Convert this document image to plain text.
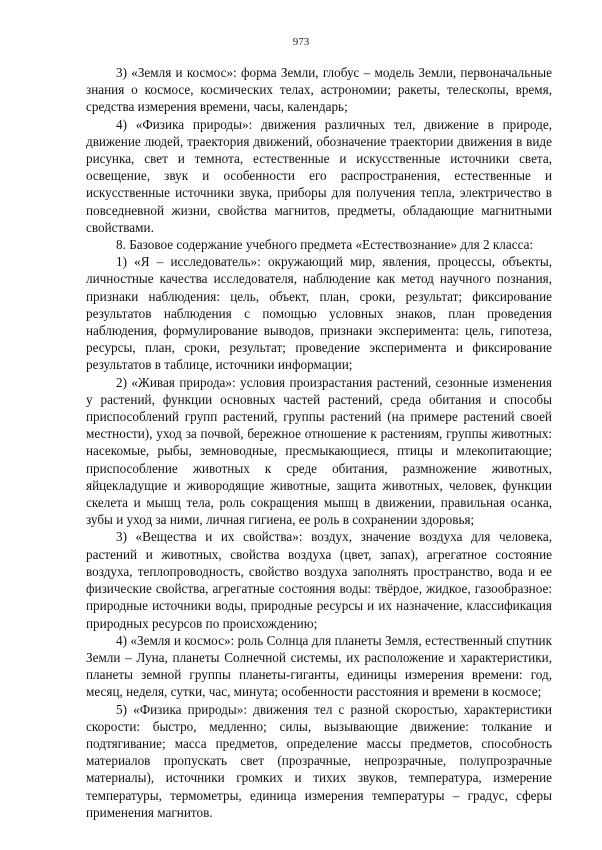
973

3) «Земля и космос»: форма Земли, глобус – модель Земли, первоначальные знания о космосе, космических телах, астрономии; ракеты, телескопы, время, средства измерения времени, часы, календарь;

4) «Физика природы»: движения различных тел, движение в природе, движение людей, траектория движений, обозначение траектории движения в виде рисунка, свет и темнота, естественные и искусственные источники света, освещение, звук и особенности его распространения, естественные и искусственные источники звука, приборы для получения тепла, электричество в повседневной жизни, свойства магнитов, предметы, обладающие магнитными свойствами.

8. Базовое содержание учебного предмета «Естествознание» для 2 класса:

1) «Я – исследователь»: окружающий мир, явления, процессы, объекты, личностные качества исследователя, наблюдение как метод научного познания, признаки наблюдения: цель, объект, план, сроки, результат; фиксирование результатов наблюдения с помощью условных знаков, план проведения наблюдения, формулирование выводов, признаки эксперимента: цель, гипотеза, ресурсы, план, сроки, результат; проведение эксперимента и фиксирование результатов в таблице, источники информации;

2) «Живая природа»: условия произрастания растений, сезонные изменения у растений, функции основных частей растений, среда обитания и способы приспособлений групп растений, группы растений (на примере растений своей местности), уход за почвой, бережное отношение к растениям, группы животных: насекомые, рыбы, земноводные, пресмыкающиеся, птицы и млекопитающие; приспособление животных к среде обитания, размножение животных, яйцекладущие и живородящие животные, защита животных, человек, функции скелета и мышц тела, роль сокращения мышц в движении, правильная осанка, зубы и уход за ними, личная гигиена, ее роль в сохранении здоровья;

3) «Вещества и их свойства»: воздух, значение воздуха для человека, растений и животных, свойства воздуха (цвет, запах), агрегатное состояние воздуха, теплопроводность, свойство воздуха заполнять пространство, вода и ее физические свойства, агрегатные состояния воды: твёрдое, жидкое, газообразное: природные источники воды, природные ресурсы и их назначение, классификация природных ресурсов по происхождению;

4) «Земля и космос»: роль Солнца для планеты Земля, естественный спутник Земли – Луна, планеты Солнечной системы, их расположение и характеристики, планеты земной группы планеты-гиганты, единицы измерения времени: год, месяц, неделя, сутки, час, минута; особенности расстояния и времени в космосе;

5) «Физика природы»: движения тел с разной скоростью, характеристики скорости: быстро, медленно; силы, вызывающие движение: толкание и подтягивание; масса предметов, определение массы предметов, способность материалов пропускать свет (прозрачные, непрозрачные, полупрозрачные материалы), источники громких и тихих звуков, температура, измерение температуры, термометры, единица измерения температуры – градус, сферы применения магнитов.
